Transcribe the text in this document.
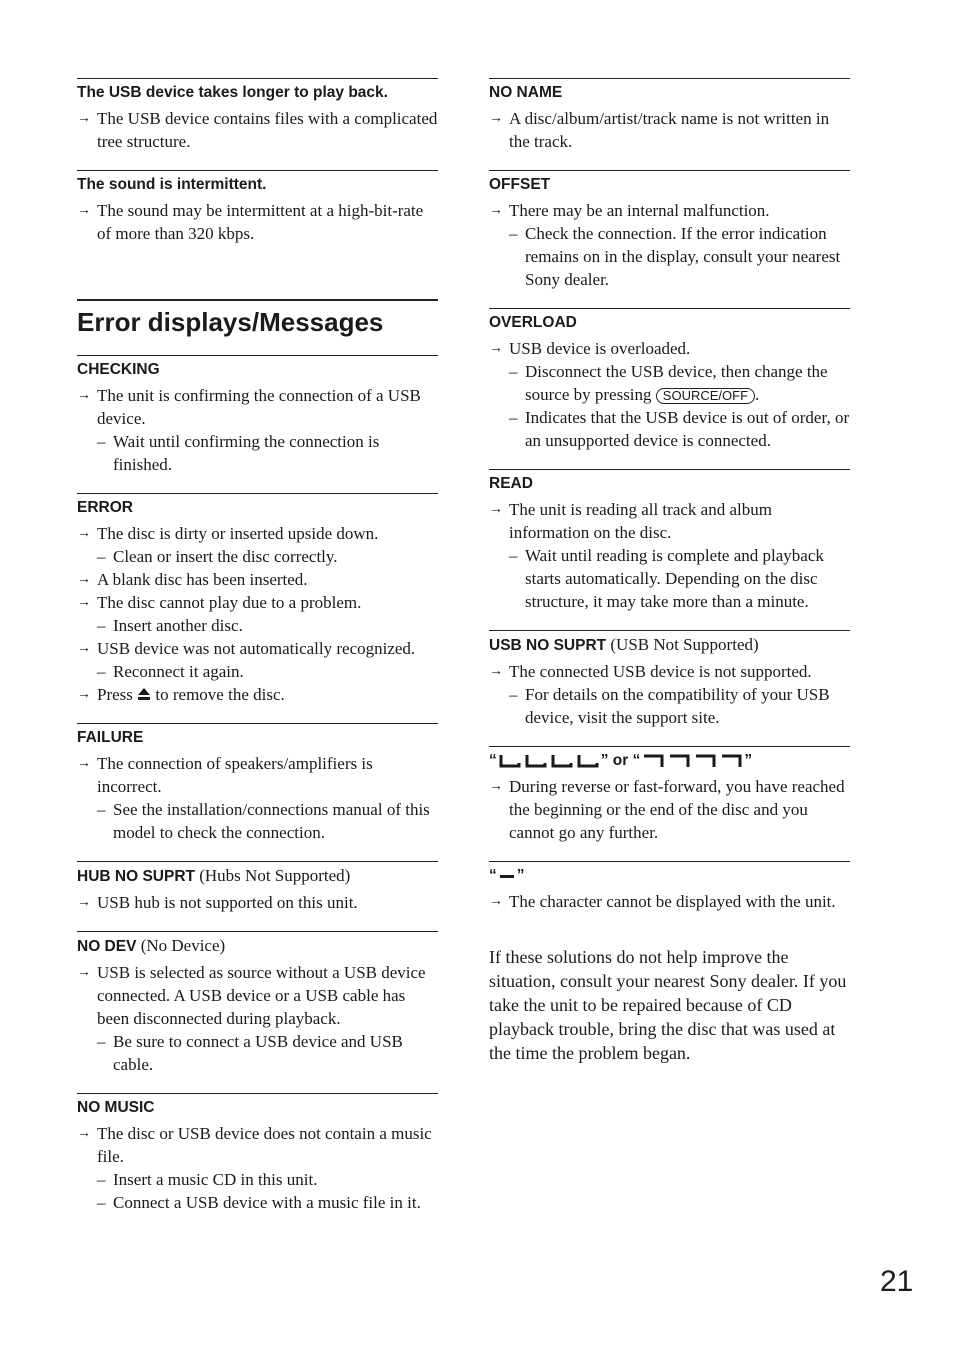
The USB device takes longer to play back.
→ The USB device contains files with a complicated tree structure.
The sound is intermittent.
→ The sound may be intermittent at a high-bit-rate of more than 320 kbps.
Error displays/Messages
CHECKING
→ The unit is confirming the connection of a USB device.
– Wait until confirming the connection is finished.
ERROR
→ The disc is dirty or inserted upside down.
– Clean or insert the disc correctly.
→ A blank disc has been inserted.
→ The disc cannot play due to a problem.
– Insert another disc.
→ USB device was not automatically recognized.
– Reconnect it again.
→ Press  to remove the disc.
FAILURE
→ The connection of speakers/amplifiers is incorrect.
– See the installation/connections manual of this model to check the connection.
HUB NO SUPRT (Hubs Not Supported)
→ USB hub is not supported on this unit.
NO DEV (No Device)
→ USB is selected as source without a USB device connected. A USB device or a USB cable has been disconnected during playback.
– Be sure to connect a USB device and USB cable.
NO MUSIC
→ The disc or USB device does not contain a music file.
– Insert a music CD in this unit.
– Connect a USB device with a music file in it.
NO NAME
→ A disc/album/artist/track name is not written in the track.
OFFSET
→ There may be an internal malfunction.
– Check the connection. If the error indication remains on in the display, consult your nearest Sony dealer.
OVERLOAD
→ USB device is overloaded.
– Disconnect the USB device, then change the source by pressing SOURCE/OFF .
– Indicates that the USB device is out of order, or an unsupported device is connected.
READ
→ The unit is reading all track and album information on the disc.
– Wait until reading is complete and playback starts automatically. Depending on the disc structure, it may take more than a minute.
USB NO SUPRT (USB Not Supported)
→ The connected USB device is not supported.
– For details on the compatibility of your USB device, visit the support site.
“	” or “	”
→ During reverse or fast-forward, you have reached the beginning or the end of the disc and you cannot go any further.
“ ”
→ The character cannot be displayed with the unit.
If these solutions do not help improve the situation, consult your nearest Sony dealer. If you take the unit to be repaired because of CD playback trouble, bring the disc that was used at the time the problem began.
21
